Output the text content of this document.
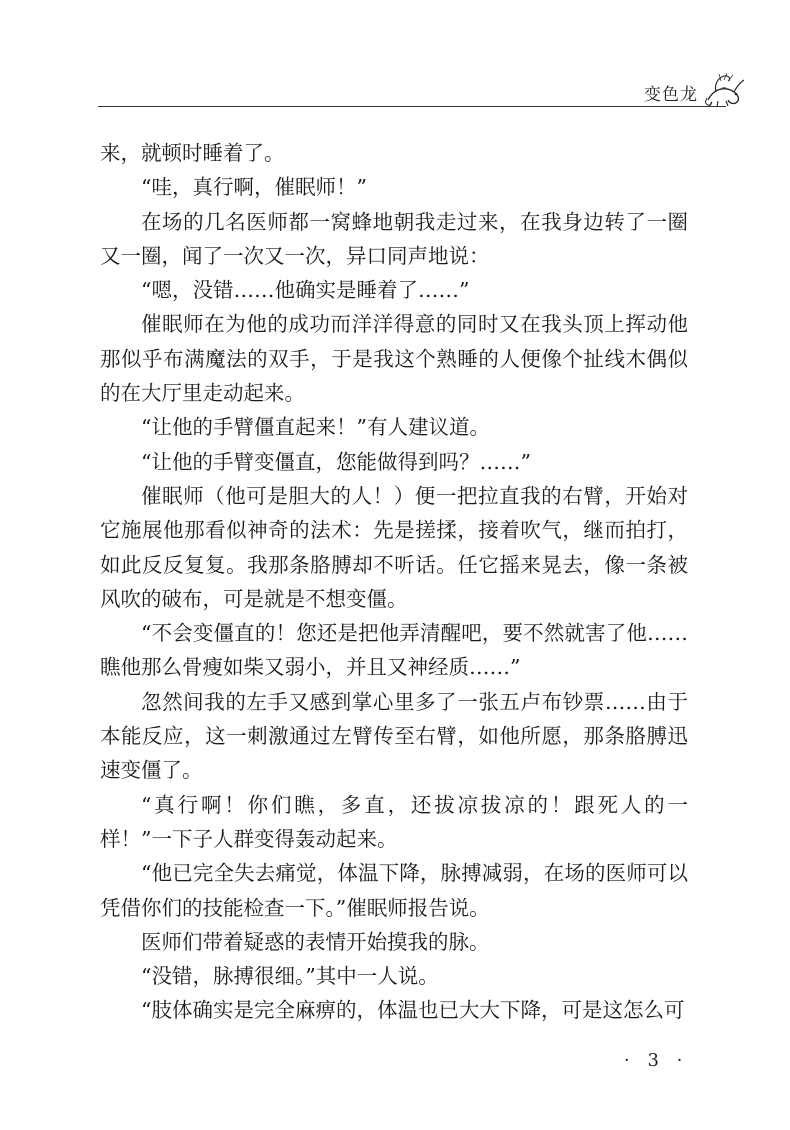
变色龙

来，就顿时睡着了。

“哇，真行啊，催眠师！”

在场的几名医师都一窝蜂地朝我走过来，在我身边转了一圈又一圈，闻了一次又一次，异口同声地说：

“嗯，没错……他确实是睡着了……”

催眠师在为他的成功而洋洋得意的同时又在我头顶上挥动他那似乎布满魔法的双手，于是我这个熟睡的人便像个扯线木偶似的在大厅里走动起来。

“让他的手臂僵直起来！”有人建议道。

“让他的手臂变僵直，您能做得到吗？……”

催眠师（他可是胆大的人！）便一把拉直我的右臂，开始对它施展他那看似神奇的法术：先是搓揉，接着吹气，继而拍打，如此反反复复。我那条胳膊却不听话。任它摇来晃去，像一条被风吹的破布，可是就是不想变僵。

“不会变僵直的！您还是把他弄清醒吧，要不然就害了他……瞧他那么骨瘦如柴又弱小，并且又神经质……”

忽然间我的左手又感到掌心里多了一张五卢布钞票……由于本能反应，这一刺激通过左臂传至右臂，如他所愿，那条胳膊迅速变僵了。

“真行啊！你们瞧，多直，还拔凉拔凉的！跟死人的一样！”一下子人群变得轰动起来。

“他已完全失去痛觉，体温下降，脉搏减弱，在场的医师可以凭借你们的技能检查一下。”催眠师报告说。

医师们带着疑惑的表情开始摸我的脉。

“没错，脉搏很细。”其中一人说。

“肢体确实是完全麻痹的，体温也已大大下降，可是这怎么可

· 3 ·
